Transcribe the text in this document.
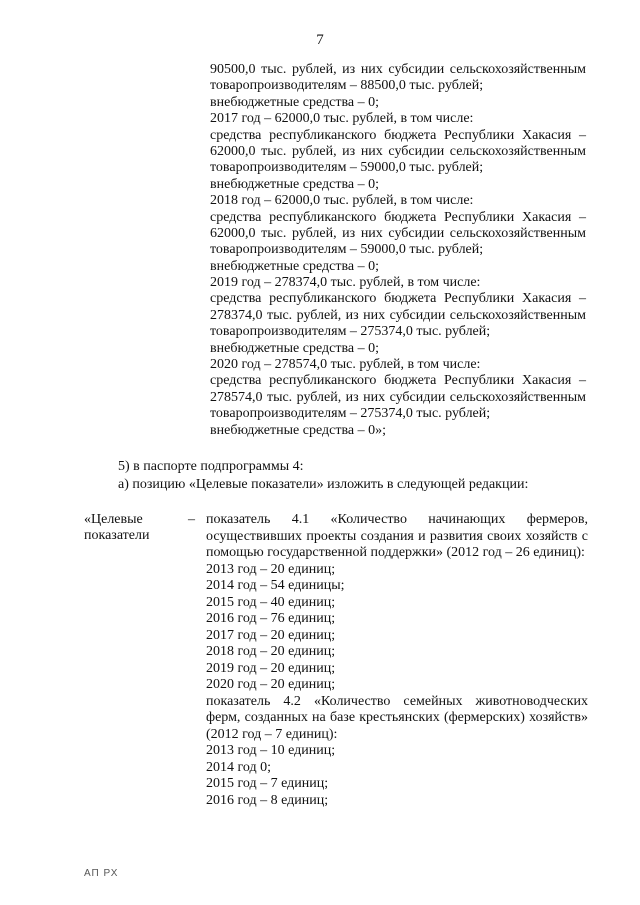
7
90500,0 тыс. рублей, из них субсидии сельскохозяйственным
товаропроизводителям – 88500,0 тыс. рублей;
внебюджетные средства – 0;
2017 год – 62000,0 тыс. рублей, в том числе:
средства республиканского бюджета Республики Хакасия –
62000,0 тыс. рублей, из них субсидии сельскохозяйственным
товаропроизводителям – 59000,0 тыс. рублей;
внебюджетные средства – 0;
2018 год – 62000,0 тыс. рублей, в том числе:
средства республиканского бюджета Республики Хакасия –
62000,0 тыс. рублей, из них субсидии сельскохозяйственным
товаропроизводителям – 59000,0 тыс. рублей;
внебюджетные средства – 0;
2019 год – 278374,0 тыс. рублей, в том числе:
средства республиканского бюджета Республики Хакасия –
278374,0 тыс. рублей, из них субсидии сельскохозяйственным
товаропроизводителям – 275374,0 тыс. рублей;
внебюджетные средства – 0;
2020 год – 278574,0 тыс. рублей, в том числе:
средства республиканского бюджета Республики Хакасия –
278574,0 тыс. рублей, из них субсидии сельскохозяйственным
товаропроизводителям – 275374,0 тыс. рублей;
внебюджетные средства – 0»;
5) в паспорте подпрограммы 4:
а) позицию «Целевые показатели» изложить в следующей редакции:
«Целевые
показатели
– показатель 4.1 «Количество начинающих фермеров,
осуществивших проекты создания и развития своих хозяйств с
помощью государственной поддержки» (2012 год – 26 единиц):
2013 год – 20 единиц;
2014 год – 54 единицы;
2015 год – 40 единиц;
2016 год – 76 единиц;
2017 год – 20 единиц;
2018 год – 20 единиц;
2019 год – 20 единиц;
2020 год – 20 единиц;
показатель 4.2 «Количество семейных животноводческих
ферм, созданных на базе крестьянских (фермерских) хозяйств»
(2012 год – 7 единиц):
2013 год – 10 единиц;
2014 год 0;
2015 год – 7 единиц;
2016 год – 8 единиц;
АП РХ
